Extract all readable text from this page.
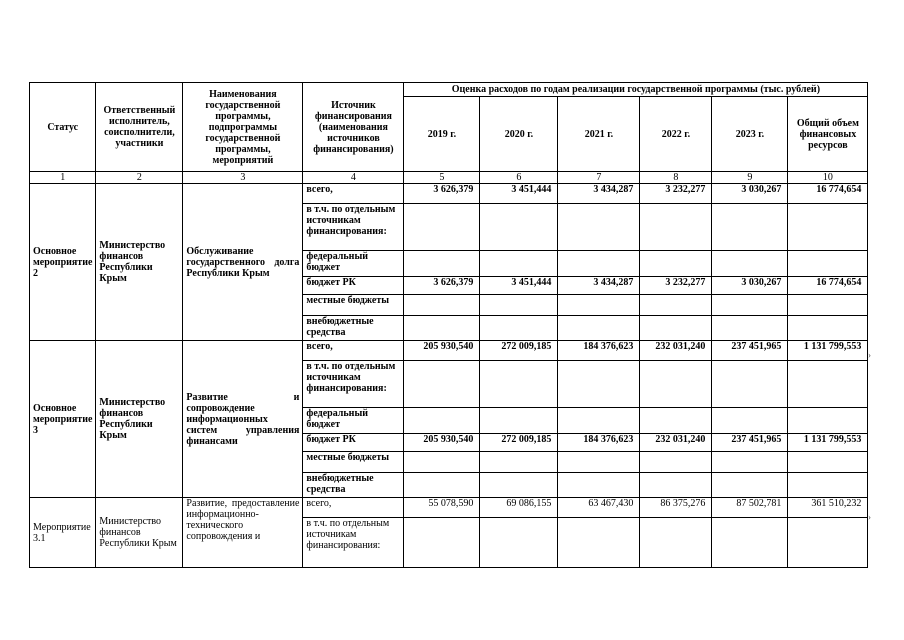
Статус	Ответственный исполнитель, соисполнители, участники	Наименования государственной программы, подпрограммы государственной программы, мероприятий	Источник финансирования (наименования источников финансирования)	Оценка расходов по годам реализации государственной программы (тыс. рублей)					
				2019 г.	2020 г.	2021 г.	2022 г.	2023 г.	Общий объем финансовых ресурсов
1	2	3	4	5	6	7	8	9	10
Основное мероприятие 2	Министерство финансов Республики Крым	Обслуживание государственного долга Республики Крым	всего,	3 626,379	3 451,444	3 434,287	3 232,277	3 030,267	16 774,654
			в т.ч. по отдельным источникам финансирования:						
			федеральный бюджет						
			бюджет РК	3 626,379	3 451,444	3 434,287	3 232,277	3 030,267	16 774,654
			местные бюджеты						
			внебюджетные средства						
Основное мероприятие 3	Министерство финансов Республики Крым	Развитие и сопровождение информационных систем управления финансами	всего,	205 930,540	272 009,185	184 376,623	232 031,240	237 451,965	1 131 799,553
			в т.ч. по отдельным источникам финансирования:						
			федеральный бюджет						
			бюджет РК	205 930,540	272 009,185	184 376,623	232 031,240	237 451,965	1 131 799,553
			местные бюджеты						
			внебюджетные средства						
Мероприятие 3.1	Министерство финансов Республики Крым	Развитие, предоставление информационно-технического сопровождения и	всего,	55 078,590	69 086,155	63 467,430	86 375,276	87 502,781	361 510,232
			в т.ч. по отдельным источникам финансирования:						
›
›
